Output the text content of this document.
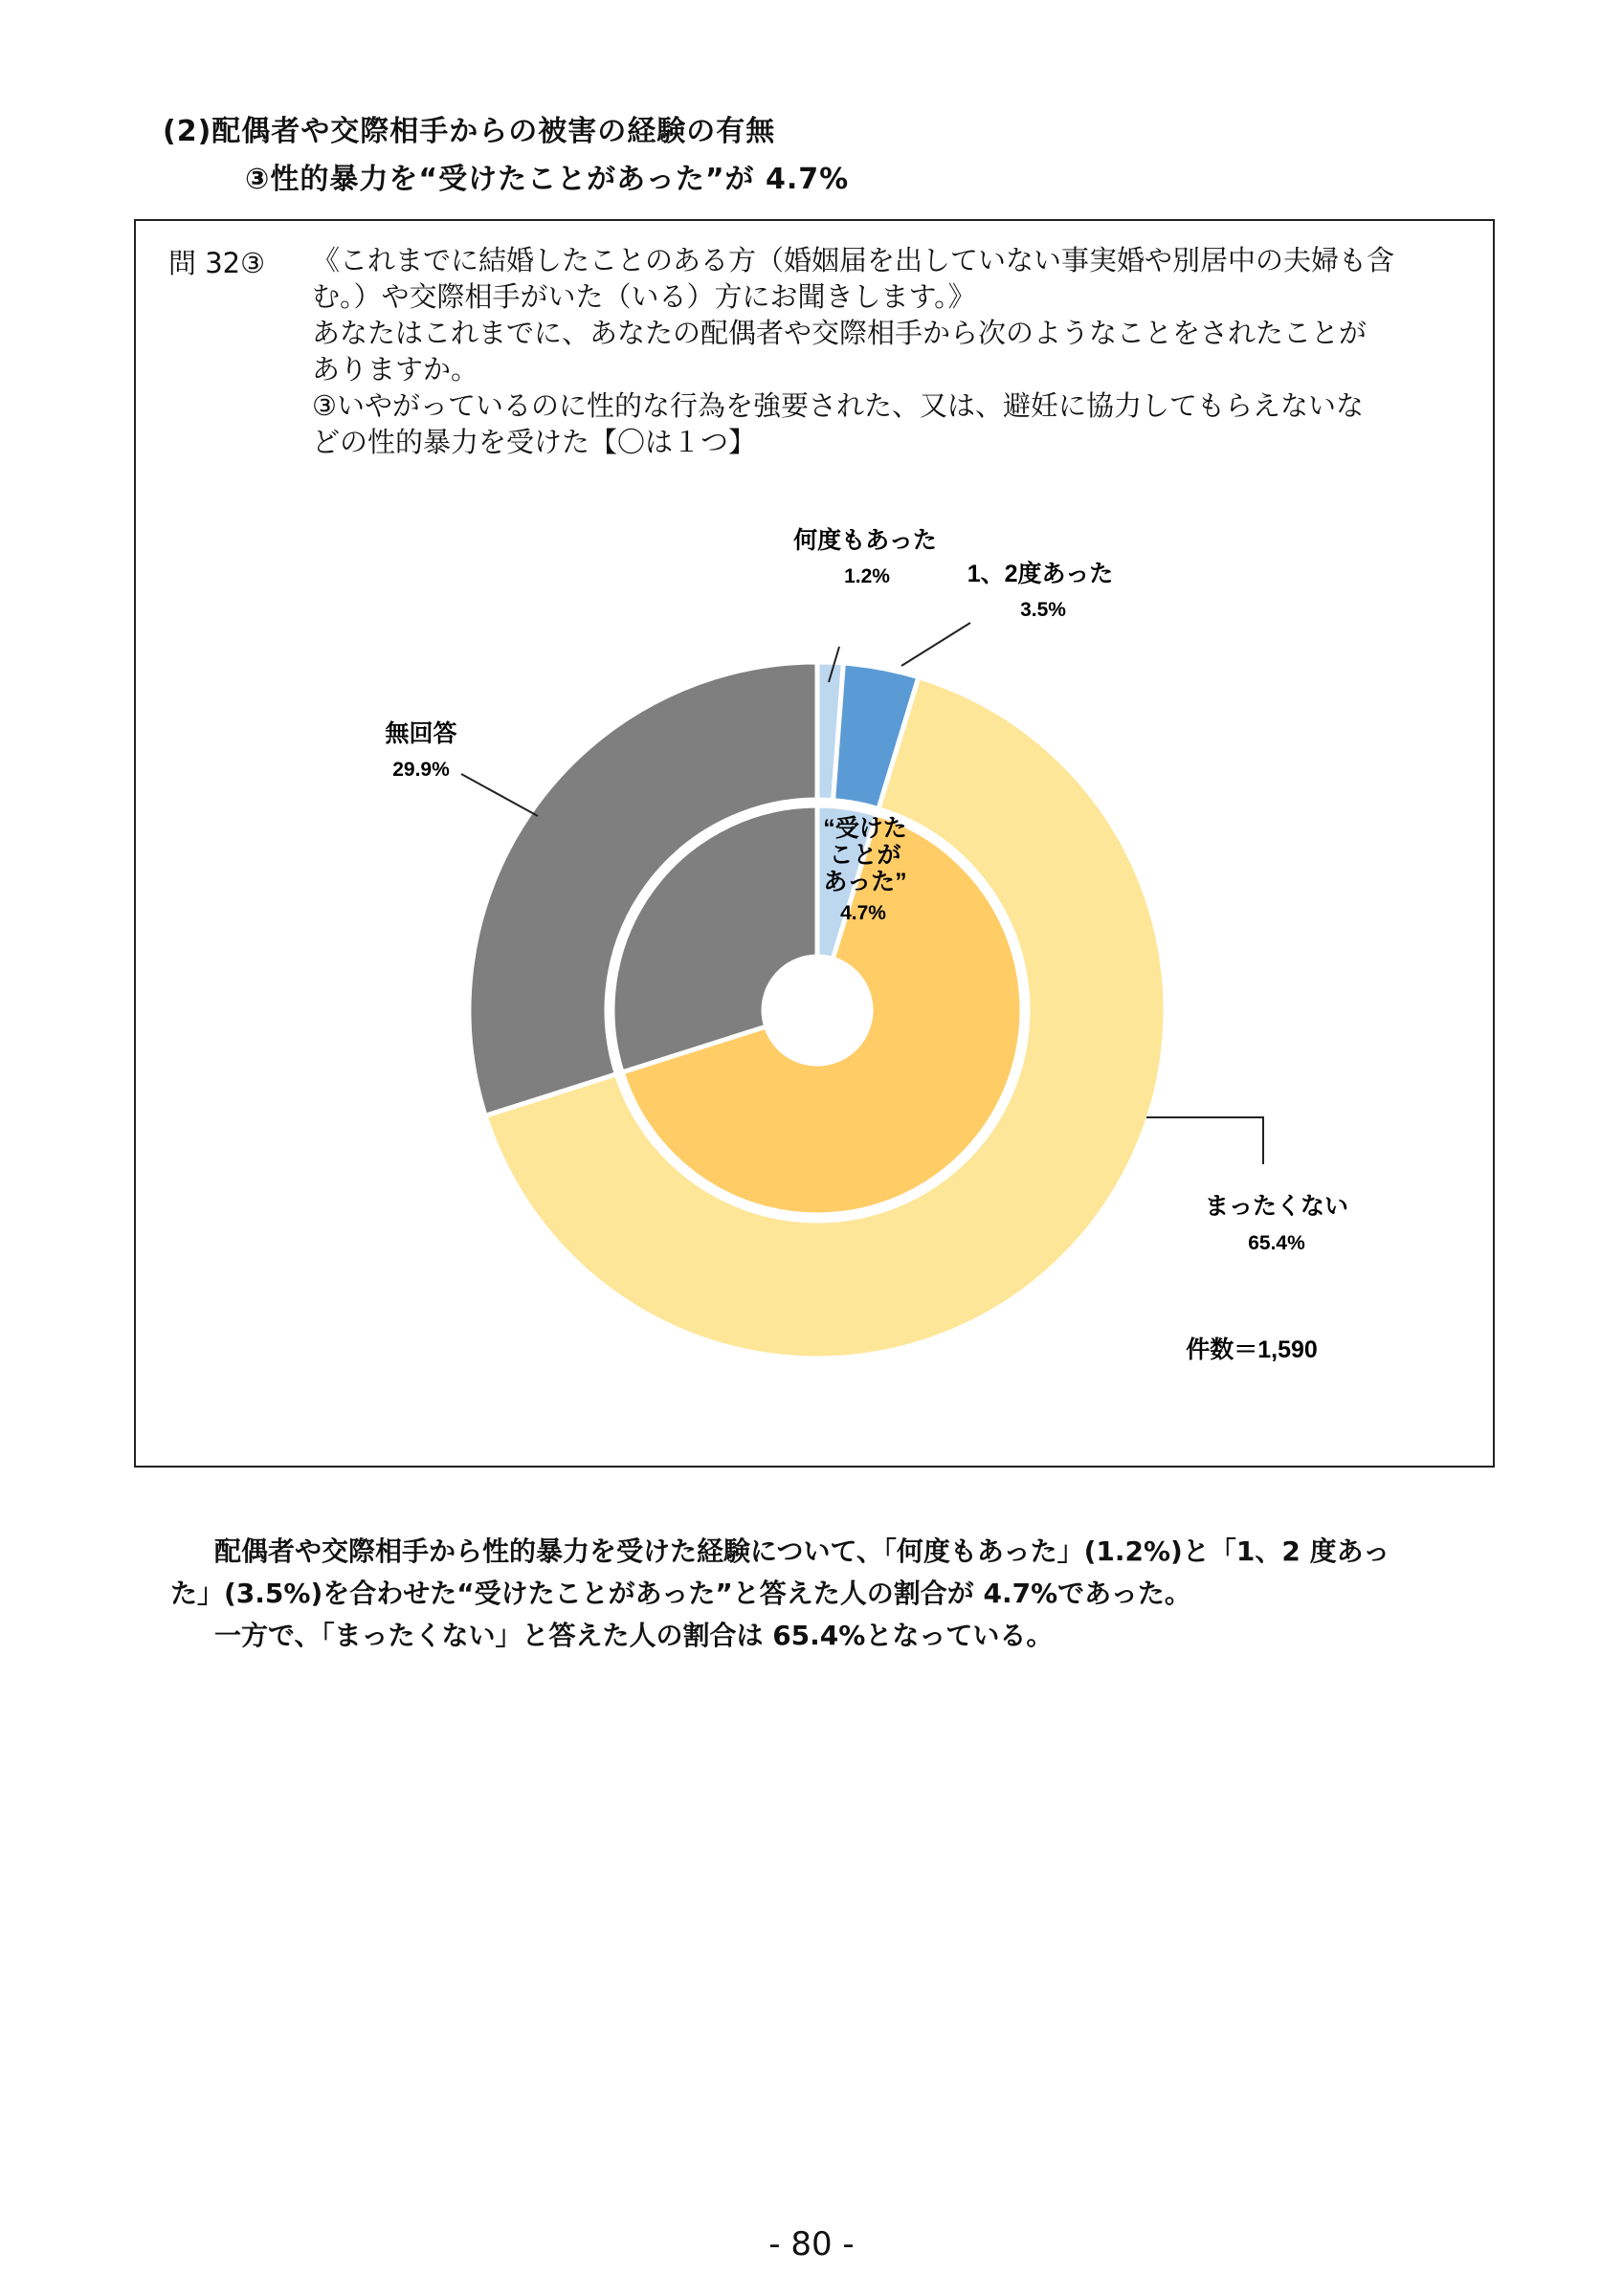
(2)配偶者や交際相手からの被害の経験の有無
③性的暴力を“受けたことがあった”が 4.7%
問 32③ 《これまでに結婚したことのある方（婚姻届を出していない事実婚や別居中の夫婦も含
む。）や交際相手がいた（いる）方にお聞きします。》
あなたはこれまでに、あなたの配偶者や交際相手から次のようなことをされたことが
ありますか。
③いやがっているのに性的な行為を強要された、又は、避妊に協力してもらえないな
どの性的暴力を受けた【〇は１つ】
何度もあった
1.2%	1、2度あった
3.5%
無回答
29.9%
まったくない
65.4%
“受けた
ことが
あった”
4.7%
件数＝1,590

配偶者や交際相手から性的暴力を受けた経験について、「何度もあった」(1.2%)と「1、2 度あっ

た」(3.5%)を合わせた“受けたことがあった”と答えた人の割合が 4.7%であった。

一方で、「まったくない」と答えた人の割合は 65.4%となっている。

- 80 -
